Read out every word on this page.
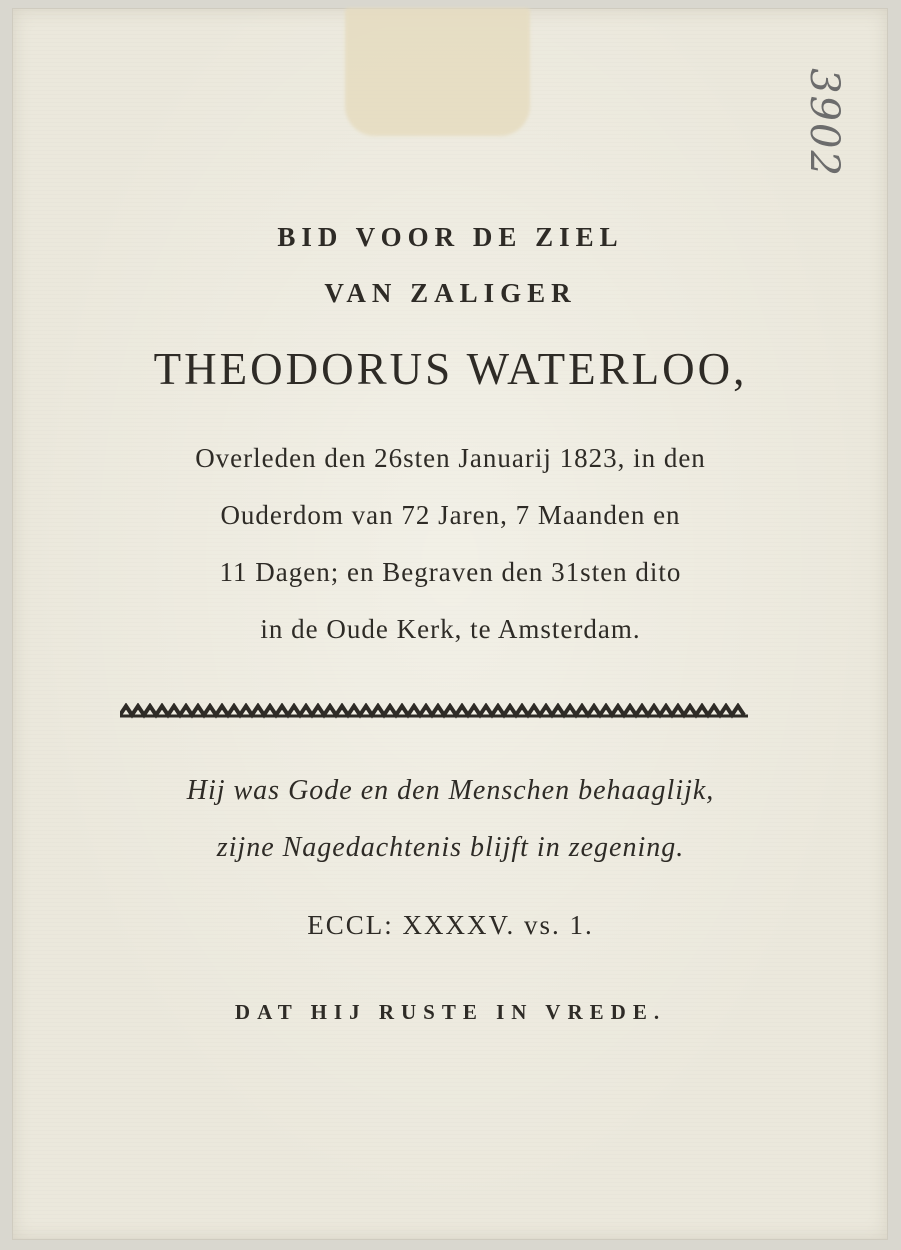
3902
BID VOOR DE ZIEL
VAN ZALIGER
THEODORUS WATERLOO,
Overleden den 26sten Januarij 1823, in den
Ouderdom van 72 Jaren, 7 Maanden en
11 Dagen; en Begraven den 31sten dito
in de Oude Kerk, te Amsterdam.
Hij was Gode en den Menschen behaaglijk,
zijne Nagedachtenis blijft in zegening.
ECCL: XXXXV. vs. 1.
DAT HIJ RUSTE IN VREDE.
